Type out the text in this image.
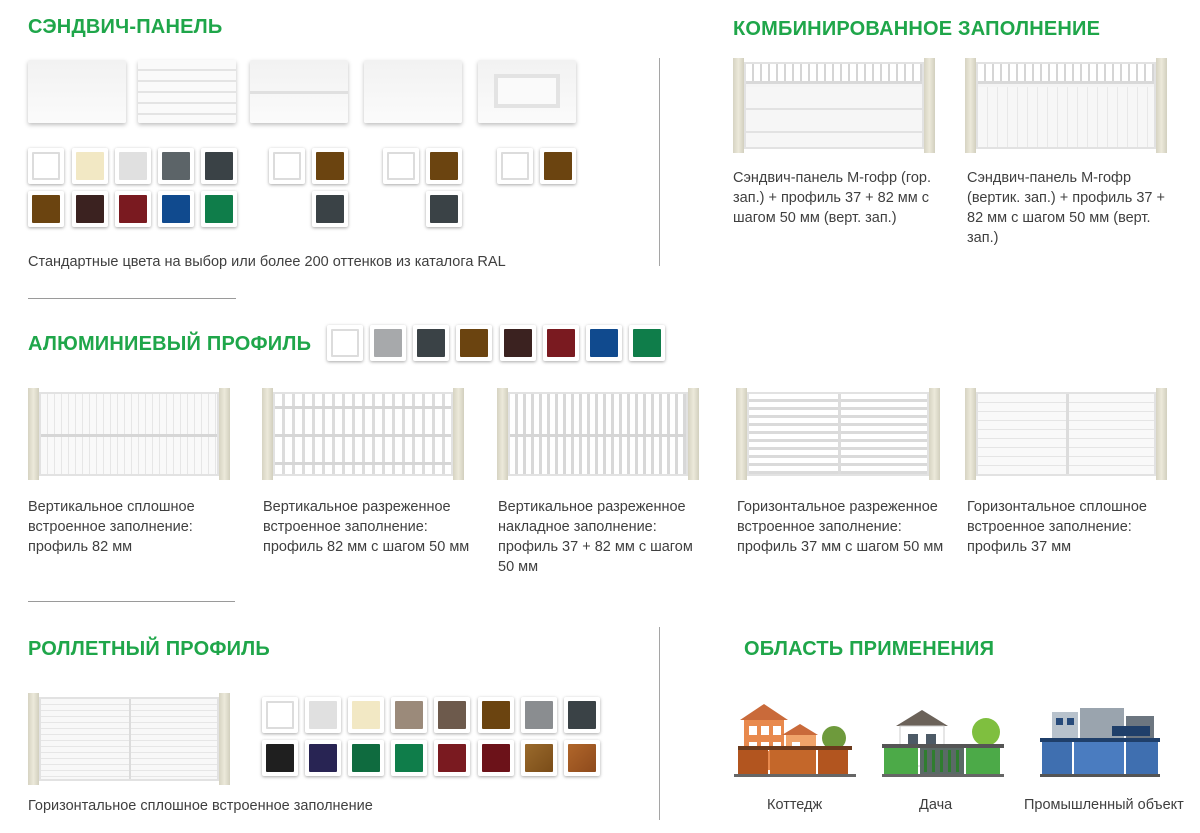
СЭНДВИЧ-ПАНЕЛЬ
Стандартные цвета на выбор или более 200 оттенков из каталога RAL
КОМБИНИРОВАННОЕ ЗАПОЛНЕНИЕ
Сэндвич-панель М-гофр (гор. зап.) + профиль 37 + 82 мм с шагом 50 мм (верт. зап.)
Сэндвич-панель М-гофр (вертик. зап.) + профиль 37 + 82 мм с шагом 50 мм (верт. зап.)
АЛЮМИНИЕВЫЙ ПРОФИЛЬ
Вертикальное сплошное встроенное заполнение: профиль 82 мм
Вертикальное разреженное встроенное заполнение: профиль 82 мм с шагом 50 мм
Вертикальное разреженное накладное заполнение: профиль 37 + 82 мм с шагом 50 мм
Горизонтальное разреженное встроенное заполнение: профиль 37 мм с шагом 50 мм
Горизонтальное сплошное встроенное заполнение: профиль 37 мм
РОЛЛЕТНЫЙ ПРОФИЛЬ
Горизонтальное сплошное встроенное заполнение
ОБЛАСТЬ ПРИМЕНЕНИЯ
Коттедж	Дача	Промышленный объект
